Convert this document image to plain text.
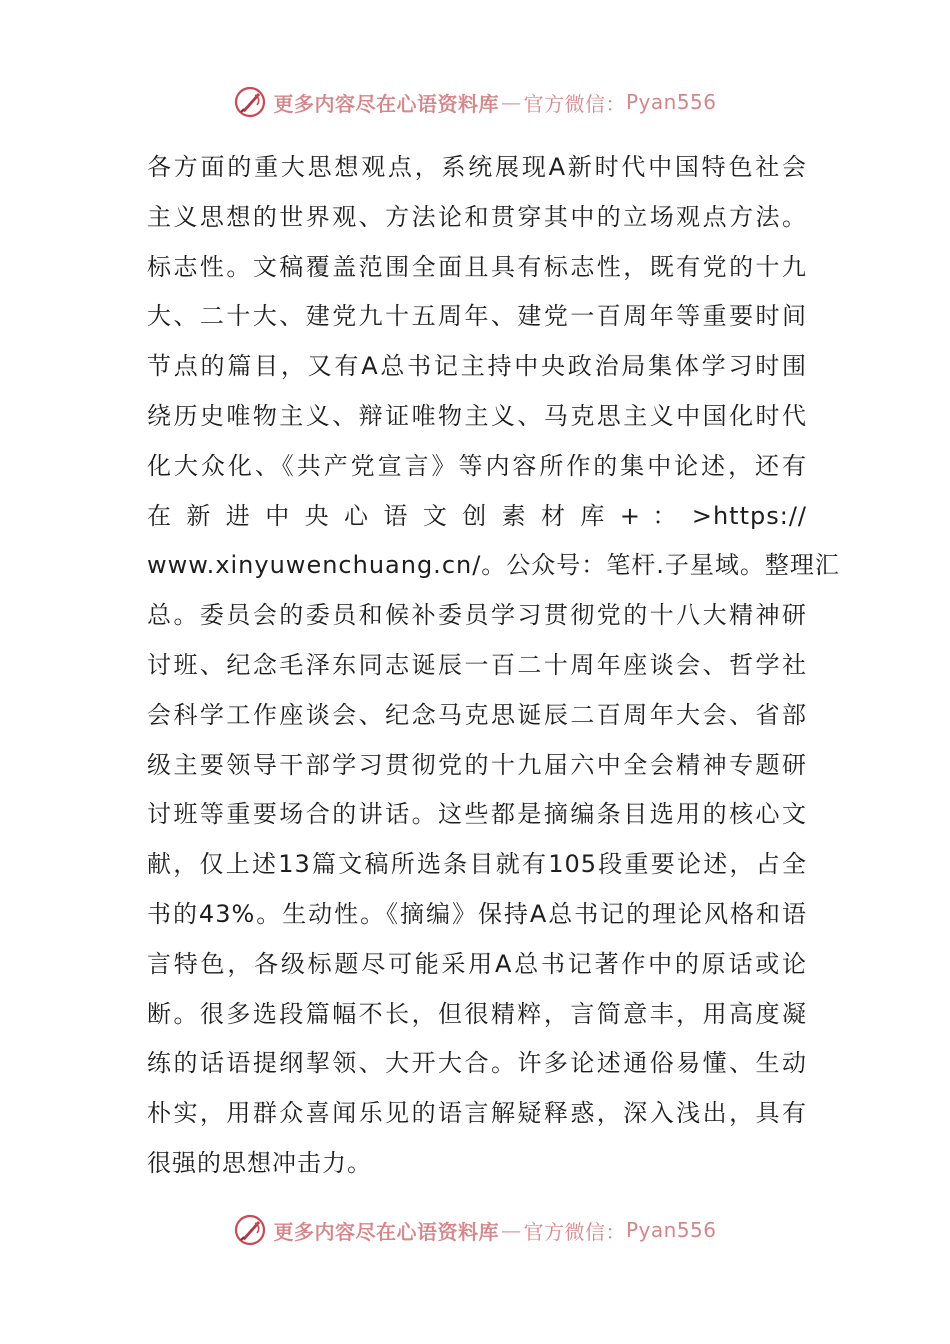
更多内容尽在心语资料库 — 官方微信： Pyan556
各方面的重大思想观点，系统展现A新时代中国特色社会
主义思想的世界观、方法论和贯穿其中的立场观点方法。
标志性。文稿覆盖范围全面且具有标志性，既有党的十九
大、二十大、建党九十五周年、建党一百周年等重要时间
节点的篇目，又有A总书记主持中央政治局集体学习时围
绕历史唯物主义、辩证唯物主义、马克思主义中国化时代
化大众化、《共产党宣言》等内容所作的集中论述，还有
在 新 进 中 央 心 语 文 创 素 材 库 + ： >https://
www.xinyuwenchuang.cn/。公众号：笔杆.子星域。整理汇
总。委员会的委员和候补委员学习贯彻党的十八大精神研
讨班、纪念毛泽东同志诞辰一百二十周年座谈会、哲学社
会科学工作座谈会、纪念马克思诞辰二百周年大会、省部
级主要领导干部学习贯彻党的十九届六中全会精神专题研
讨班等重要场合的讲话。这些都是摘编条目选用的核心文
献，仅上述13篇文稿所选条目就有105段重要论述，占全
书的43%。生动性。《摘编》保持A总书记的理论风格和语
言特色，各级标题尽可能采用A总书记著作中的原话或论
断。很多选段篇幅不长，但很精粹，言简意丰，用高度凝
练的话语提纲挈领、大开大合。许多论述通俗易懂、生动
朴实，用群众喜闻乐见的语言解疑释惑，深入浅出，具有
很强的思想冲击力。
更多内容尽在心语资料库 — 官方微信： Pyan556
